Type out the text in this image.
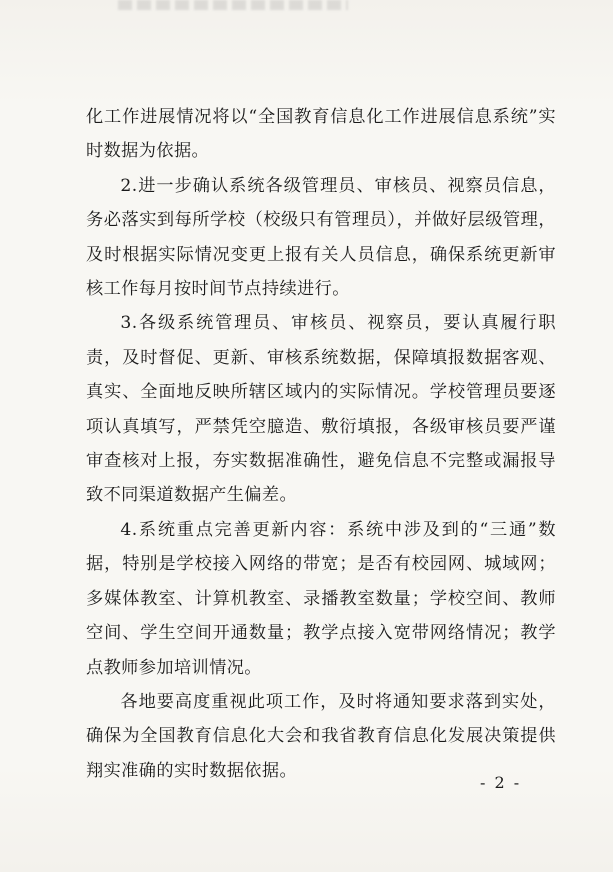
化工作进展情况将以“全国教育信息化工作进展信息系统”实时数据为依据。

2.进一步确认系统各级管理员、审核员、视察员信息，务必落实到每所学校（校级只有管理员），并做好层级管理，及时根据实际情况变更上报有关人员信息，确保系统更新审核工作每月按时间节点持续进行。

3.各级系统管理员、审核员、视察员，要认真履行职责，及时督促、更新、审核系统数据，保障填报数据客观、真实、全面地反映所辖区域内的实际情况。学校管理员要逐项认真填写，严禁凭空臆造、敷衍填报，各级审核员要严谨审查核对上报，夯实数据准确性，避免信息不完整或漏报导致不同渠道数据产生偏差。

4.系统重点完善更新内容：系统中涉及到的“三通”数据，特别是学校接入网络的带宽；是否有校园网、城域网；多媒体教室、计算机教室、录播教室数量；学校空间、教师空间、学生空间开通数量；教学点接入宽带网络情况；教学点教师参加培训情况。

各地要高度重视此项工作，及时将通知要求落到实处，确保为全国教育信息化大会和我省教育信息化发展决策提供翔实准确的实时数据依据。

- 2 -
